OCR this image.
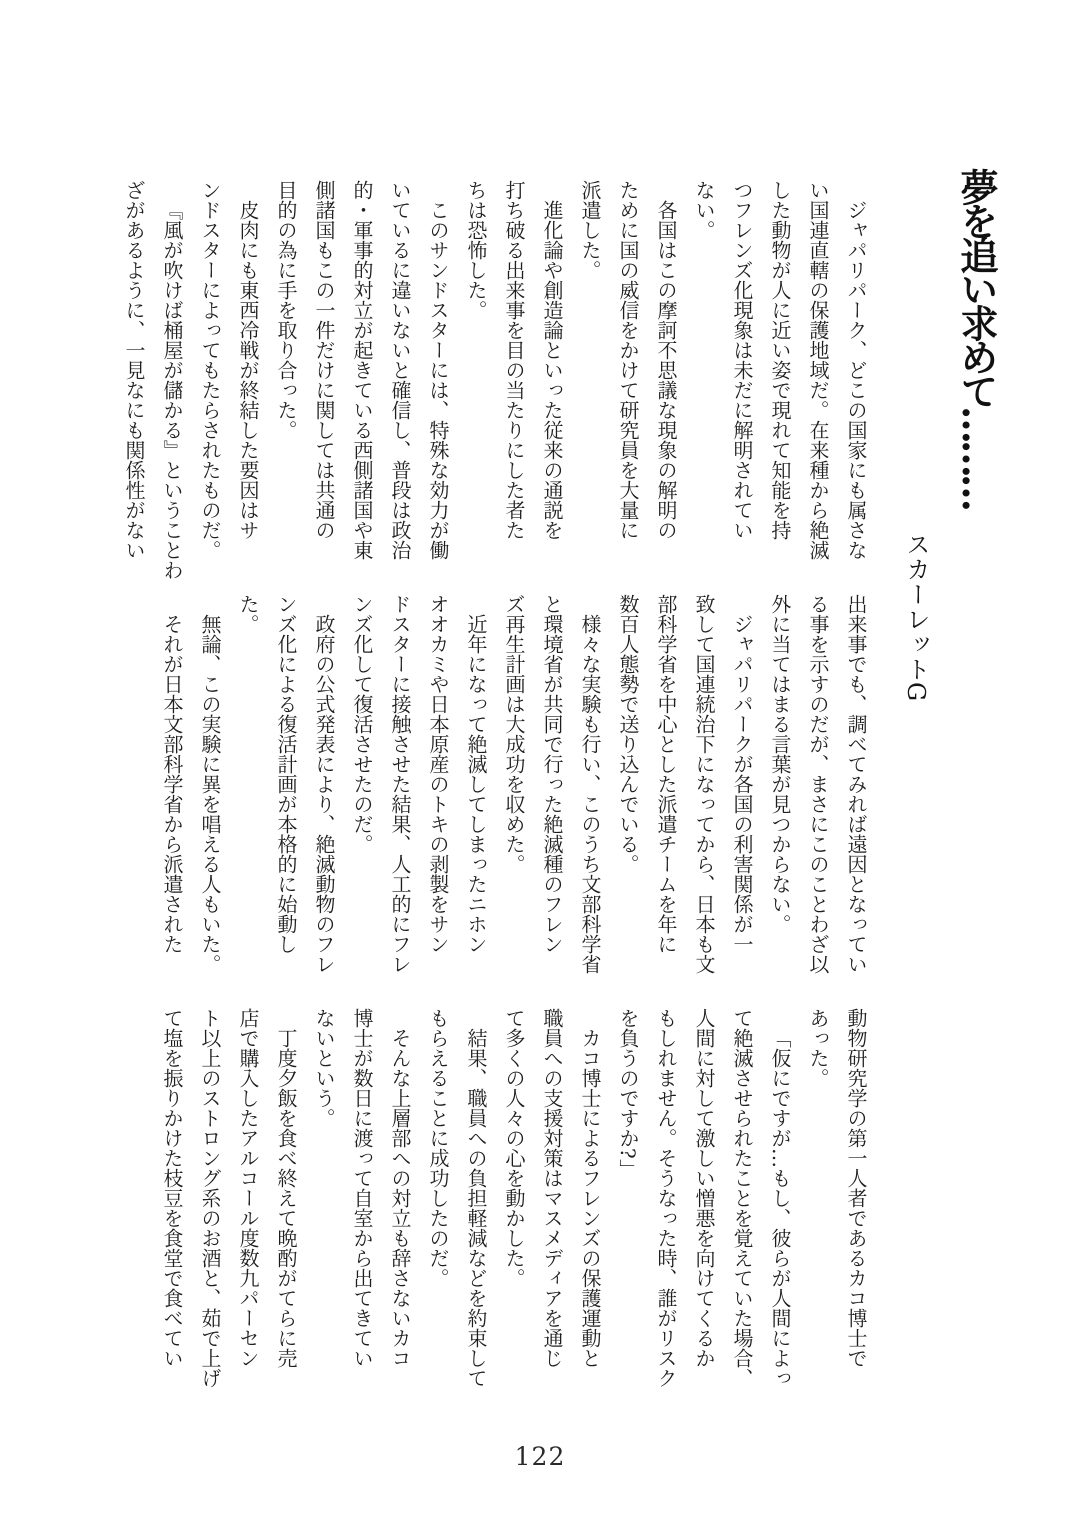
夢を追い求めて………
スカーレットG

ジャパリパーク、どこの国家にも属さな

い国連直轄の保護地域だ。在来種から絶滅

した動物が人に近い姿で現れて知能を持

つフレンズ化現象は未だに解明されてい

ない。

各国はこの摩訶不思議な現象の解明の

ために国の威信をかけて研究員を大量に

派遣した。

進化論や創造論といった従来の通説を

打ち破る出来事を目の当たりにした者た

ちは恐怖した。

このサンドスターには、特殊な効力が働

いているに違いないと確信し、普段は政治

的・軍事的対立が起きている西側諸国や東

側諸国もこの一件だけに関しては共通の

目的の為に手を取り合った。

皮肉にも東西冷戦が終結した要因はサ

ンドスターによってもたらされたものだ。

『風が吹けば桶屋が儲かる』ということわ

ざがあるように、一見なにも関係性がない

出来事でも、調べてみれば遠因となってい

る事を示すのだが、まさにこのことわざ以

外に当てはまる言葉が見つからない。

ジャパリパークが各国の利害関係が一

致して国連統治下になってから、日本も文

部科学省を中心とした派遣チームを年に

数百人態勢で送り込んでいる。

様々な実験も行い、このうち文部科学省

と環境省が共同で行った絶滅種のフレン

ズ再生計画は大成功を収めた。

近年になって絶滅してしまったニホン

オオカミや日本原産のトキの剥製をサン

ドスターに接触させた結果、人工的にフレ

ンズ化して復活させたのだ。

政府の公式発表により、絶滅動物のフレ

ンズ化による復活計画が本格的に始動し

た。

無論、この実験に異を唱える人もいた。

それが日本文部科学省から派遣された

動物研究学の第一人者であるカコ博士で

あった。

「仮にですが…もし、彼らが人間によっ

て絶滅させられたことを覚えていた場合、

人間に対して激しい憎悪を向けてくるか

もしれません。そうなった時、誰がリスク

を負うのですか?」

カコ博士によるフレンズの保護運動と

職員への支援対策はマスメディアを通じ

て多くの人々の心を動かした。

結果、職員への負担軽減などを約束して

もらえることに成功したのだ。

そんな上層部への対立も辞さないカコ

博士が数日に渡って自室から出てきてい

ないという。

丁度夕飯を食べ終えて晩酌がてらに売

店で購入したアルコール度数九パーセン

ト以上のストロング系のお酒と、茹で上げ

て塩を振りかけた枝豆を食堂で食べてい

122
